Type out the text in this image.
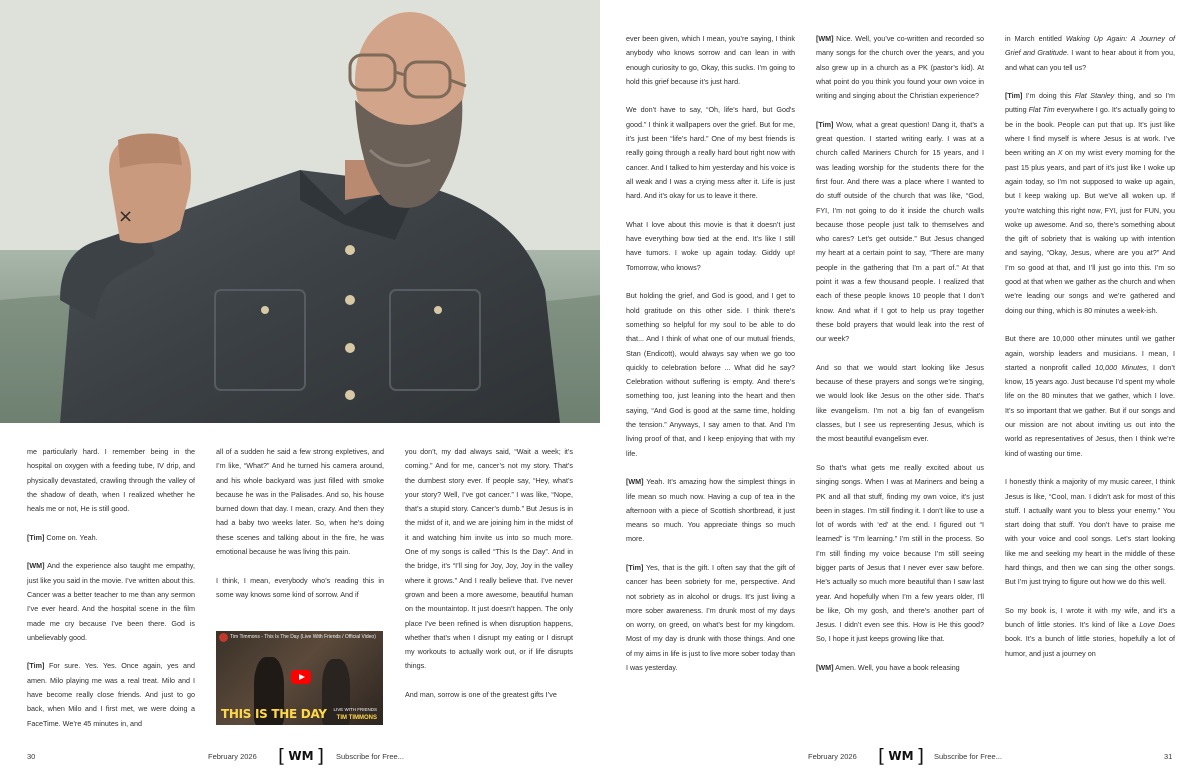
×

me particularly hard. I remember being in the hospital on oxygen with a feeding tube, IV drip, and physically devastated, crawling through the valley of the shadow of death, when I realized whether he heals me or not, He is still good.

[Tim] Come on. Yeah.

[WM] And the experience also taught me empathy, just like you said in the movie. I’ve written about this. Cancer was a better teacher to me than any sermon I’ve ever heard. And the hospital scene in the film made me cry because I’ve been there. God is unbelievably good.

[Tim] For sure. Yes. Yes. Once again, yes and amen. Milo playing me was a real treat. Milo and I have become really close friends. And just to go back, when Milo and I first met, we were doing a FaceTime. We’re 45 minutes in, and

all of a sudden he said a few strong expletives, and I’m like, “What?” And he turned his camera around, and his whole backyard was just filled with smoke because he was in the Palisades. And so, his house burned down that day. I mean, crazy. And then they had a baby two weeks later. So, when he’s doing these scenes and talking about in the fire, he was emotional because he was living this pain.

I think, I mean, everybody who’s reading this in some way knows some kind of sorrow. And if

Tim Timmons - This Is The Day (Live With Friends / Official Video)
THIS IS THE DAY LIVE WITH FRIENDS
TIM TIMMONS

you don’t, my dad always said, “Wait a week; it’s coming.” And for me, cancer’s not my story. That’s the dumbest story ever. If people say, “Hey, what’s your story? Well, I’ve got cancer.” I was like, “Nope, that’s a stupid story. Cancer’s dumb.” But Jesus is in the midst of it, and we are joining him in the midst of it and watching him invite us into so much more. One of my songs is called “This Is the Day”. And in the bridge, it’s “I’ll sing for Joy, Joy, Joy in the valley where it grows.” And I really believe that. I’ve never grown and been a more awesome, beautiful human on the mountaintop. It just doesn’t happen. The only place I’ve been refined is when disruption happens, whether that’s when I disrupt my eating or I disrupt my workouts to actually work out, or if life disrupts things.

And man, sorrow is one of the greatest gifts I’ve

30	February 2026 [ WM ] Subscribe for Free...

ever been given, which I mean, you’re saying, I think anybody who knows sorrow and can lean in with enough curiosity to go, Okay, this sucks. I’m going to hold this grief because it’s just hard.

We don’t have to say, “Oh, life’s hard, but God’s good.” I think it wallpapers over the grief. But for me, it’s just been “life’s hard.” One of my best friends is really going through a really hard bout right now with cancer. And I talked to him yesterday and his voice is all weak and I was a crying mess after it. Life is just hard. And it’s okay for us to leave it there.

What I love about this movie is that it doesn’t just have everything bow tied at the end. It’s like I still have tumors. I woke up again today. Giddy up! Tomorrow, who knows?

But holding the grief, and God is good, and I get to hold gratitude on this other side. I think there’s something so helpful for my soul to be able to do that... And I think of what one of our mutual friends, Stan (Endicott), would always say when we go too quickly to celebration before ... What did he say? Celebration without suffering is empty. And there’s something too, just leaning into the heart and then saying, “And God is good at the same time, holding the tension.” Anyways, I say amen to that. And I’m living proof of that, and I keep enjoying that with my life.

[WM] Yeah. It’s amazing how the simplest things in life mean so much now. Having a cup of tea in the afternoon with a piece of Scottish shortbread, it just means so much. You appreciate things so much more.

[Tim] Yes, that is the gift. I often say that the gift of cancer has been sobriety for me, perspective. And not sobriety as in alcohol or drugs. It’s just living a more sober awareness. I’m drunk most of my days on worry, on greed, on what’s best for my kingdom. Most of my day is drunk with those things. And one of my aims in life is just to live more sober today than I was yesterday.

[WM] Nice. Well, you’ve co-written and recorded so many songs for the church over the years, and you also grew up in a church as a PK (pastor’s kid). At what point do you think you found your own voice in writing and singing about the Christian experience?

[Tim] Wow, what a great question! Dang it, that’s a great question. I started writing early. I was at a church called Mariners Church for 15 years, and I was leading worship for the students there for the first four. And there was a place where I wanted to do stuff outside of the church that was like, “God, FYI, I’m not going to do it inside the church walls because those people just talk to themselves and who cares? Let’s get outside.” But Jesus changed my heart at a certain point to say, “There are many people in the gathering that I’m a part of.” At that point it was a few thousand people. I realized that each of these people knows 10 people that I don’t know. And what if I got to help us pray together these bold prayers that would leak into the rest of our week?

And so that we would start looking like Jesus because of these prayers and songs we’re singing, we would look like Jesus on the other side. That’s like evangelism. I’m not a big fan of evangelism classes, but I see us representing Jesus, which is the most beautiful evangelism ever.

So that’s what gets me really excited about us singing songs. When I was at Mariners and being a PK and all that stuff, finding my own voice, it’s just been in stages. I’m still finding it. I don’t like to use a lot of words with ‘ed’ at the end. I figured out “I learned” is “I’m learning.” I’m still in the process. So I’m still finding my voice because I’m still seeing bigger parts of Jesus that I never ever saw before. He’s actually so much more beautiful than I saw last year. And hopefully when I’m a few years older, I’ll be like, Oh my gosh, and there’s another part of Jesus. I didn’t even see this. How is He this good? So, I hope it just keeps growing like that.

[WM] Amen. Well, you have a book releasing

in March entitled Waking Up Again: A Journey of Grief and Gratitude. I want to hear about it from you, and what can you tell us?

[Tim] I’m doing this Flat Stanley thing, and so I’m putting Flat Tim everywhere I go. It’s actually going to be in the book. People can put that up. It’s just like where I find myself is where Jesus is at work. I’ve been writing an X on my wrist every morning for the past 15 plus years, and part of it’s just like I woke up again today, so I’m not supposed to wake up again, but I keep waking up. But we’ve all woken up. If you’re watching this right now, FYI, just for FUN, you woke up awesome. And so, there’s something about the gift of sobriety that is waking up with intention and saying, “Okay, Jesus, where are you at?” And I’m so good at that, and I’ll just go into this. I’m so good at that when we gather as the church and when we’re leading our songs and we’re gathered and doing our thing, which is 80 minutes a week-ish.

But there are 10,000 other minutes until we gather again, worship leaders and musicians. I mean, I started a nonprofit called 10,000 Minutes, I don’t know, 15 years ago. Just because I’d spent my whole life on the 80 minutes that we gather, which I love. It’s so important that we gather. But if our songs and our mission are not about inviting us out into the world as representatives of Jesus, then I think we’re kind of wasting our time.

I honestly think a majority of my music career, I think Jesus is like, “Cool, man. I didn’t ask for most of this stuff. I actually want you to bless your enemy.” You start doing that stuff. You don’t have to praise me with your voice and cool songs. Let’s start looking like me and seeking my heart in the middle of these hard things, and then we can sing the other songs. But I’m just trying to figure out how we do this well.

So my book is, I wrote it with my wife, and it’s a bunch of little stories. It’s kind of like a Love Does book. It’s a bunch of little stories, hopefully a lot of humor, and just a journey on

February 2026 [ WM ] Subscribe for Free...	31
